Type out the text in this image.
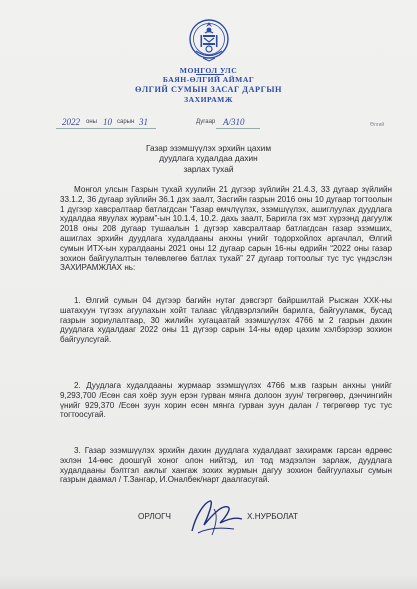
МОНГОЛ УЛС
БАЯН-ӨЛГИЙ АЙМАГ
ӨЛГИЙ СУМЫН ЗАСАГ ДАРГЫН
ЗАХИРАМЖ
2022 оны 10 сарын 31	Дугаар А/310	Өлгий
Газар эзэмшүүлэх эрхийн цахим
дуудлага худалдаа дахин
зарлах тухай
Монгол улсын Газрын тухай хуулийн 21 дүгээр зүйлийн 21.4.3, 33 дугаар зүйлийн 33.1.2, 36 дугаар зүйлийн 36.1 дэх заалт, Засгийн газрын 2016 оны 10 дугаар тогтоолын 1 дүгээр хавсралтаар батлагдсан “Газар өмчлүүлэх, эзэмшүүлэх, ашиглуулах дуудлага худалдаа явуулах журам”-ын 10.1.4, 10.2. дахь заалт, Баригла гэх мэт хүрээнд дагуулж 2018 оны 208 дугаар тушаалын 1 дүгээр хавсралтаар батлагдсан газар эзэмших, ашиглах эрхийн дуудлага худалдааны анхны үнийг тодорхойлох аргачлал, Өлгий сумын ИТХ-ын хуралдааны 2021 оны 12 дугаар сарын 16-ны өдрийн “2022 оны газар зохион байгуулалтын төлөвлөгөө батлах тухай” 27 дугаар тогтоолыг тус тус үндэслэн ЗАХИРАМЖЛАХ нь:
1. Өлгий сумын 04 дүгээр багийн нутаг дэвсгэрт байршилтай Рысжан ХХК-ны шатахуун түгээх агуулахын хойт талаас үйлдвэрлэлийн барилга, байгууламж, бусад газрын зориулалтаар, 30 жилийн хугацаатай эзэмшүүлэх 4766 м 2 газрын дахин дуудлага худалдааг 2022 оны 11 дүгээр сарын 14-ны өдөр цахим хэлбэрээр зохион байгуулсугай.
2. Дуудлага худалдааны журмаар эзэмшүүлэх 4766 м.кв газрын анхны үнийг 9,293,700 /Есөн сая хоёр зуун ерэн гурван мянга долоон зуун/ төгрөгөөр, дэнчингийн үнийг 929,370 /Есөн зуун хорин есөн мянга гурван зуун далан / төгрөгөөр тус тус тогтоосугай.
3. Газар эзэмшүүлэх эрхийн дахин дуудлага худалдаат захирамж гарсан өдрөөс эхлэн 14-өөс доошгүй хоног олон нийтэд, ил тод мэдээлэн зарлаж, дуудлага худалдааны бэлтгэл ажлыг хангаж зохих журмын дагуу зохион байгуулахыг сумын газрын даамал / Т.Зангар, И.Оналбек/нарт даалгасугай.
ОРЛОГЧ	Х.НУРБОЛАТ
